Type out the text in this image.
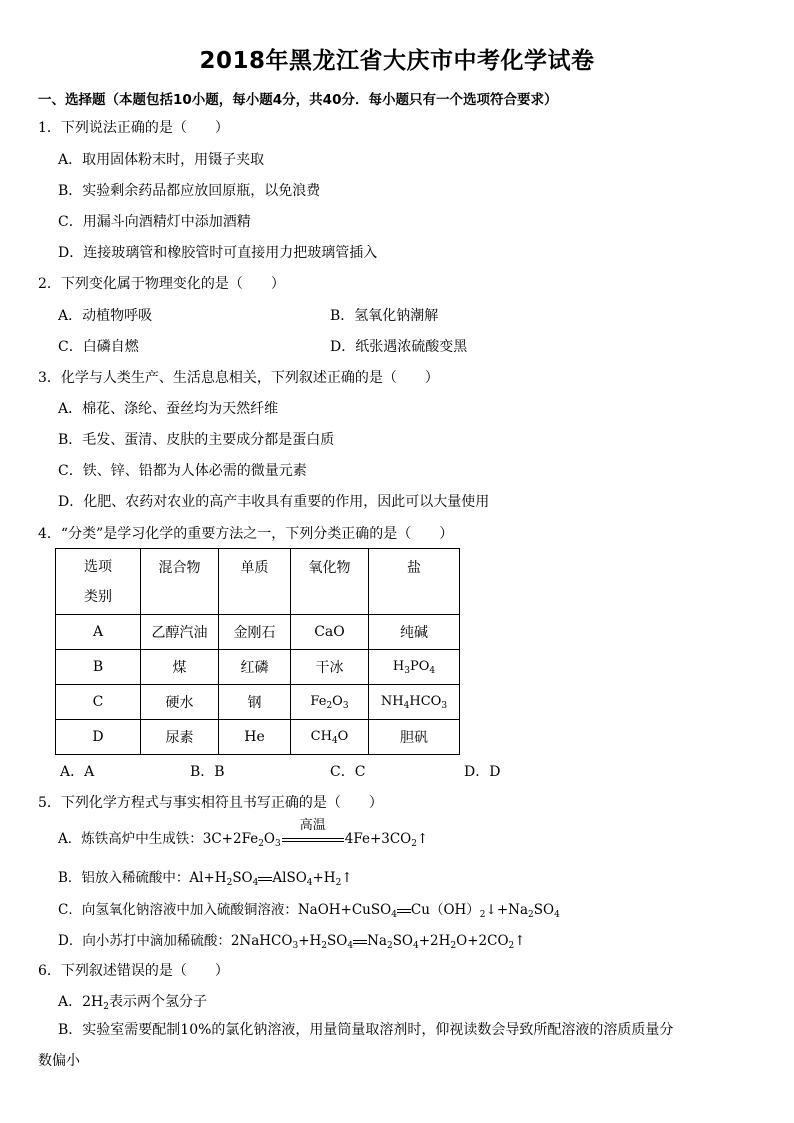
2018年黑龙江省大庆市中考化学试卷
一、选择题（本题包括10小题，每小题4分，共40分．每小题只有一个选项符合要求）
1．下列说法正确的是（　　）
A．取用固体粉末时，用镊子夹取
B．实验剩余药品都应放回原瓶，以免浪费
C．用漏斗向酒精灯中添加酒精
D．连接玻璃管和橡胶管时可直接用力把玻璃管插入
2．下列变化属于物理变化的是（　　）
A．动植物呼吸	B．氢氧化钠潮解
C．白磷自燃	D．纸张遇浓硫酸变黑
3．化学与人类生产、生活息息相关，下列叙述正确的是（　　）
A．棉花、涤纶、蚕丝均为天然纤维
B．毛发、蛋清、皮肤的主要成分都是蛋白质
C．铁、锌、铅都为人体必需的微量元素
D．化肥、农药对农业的高产丰收具有重要的作用，因此可以大量使用
4．“分类”是学习化学的重要方法之一，下列分类正确的是（　　）
选项
类别	混合物	单质	氧化物	盐
A	乙醇汽油	金刚石	CaO	纯碱
B	煤	红磷	干冰	$H_3PO_4$
C	硬水	钢	$Fe_2O_3$	$NH_4HCO_3$
D	尿素	He	$CH_4O$	胆矾
A．A	B．B	C．C	D．D
5．下列化学方程式与事实相符且书写正确的是（　　）
A．炼铁高炉中生成铁：$3C+2Fe_2O_3$
高温
$4Fe+3CO_2↑$
B．铝放入稀硫酸中：$Al+H_2SO_4$ $AlSO_4+H_2↑$
C．向氢氧化钠溶液中加入硫酸铜溶液：NaOH+CuSO$_4$ $Cu(OH)_2↓+Na_2SO_4$
D．向小苏打中滴加稀硫酸：$2NaHCO_3+H_2SO_4$ $Na_2SO_4+2H_2O+2CO_2↑$
6．下列叙述错误的是（　　）
A．$2H_2$表示两个氢分子
B．实验室需要配制10%的氯化钠溶液，用量筒量取溶剂时，仰视读数会导致所配溶液的溶质质量分
数偏小
